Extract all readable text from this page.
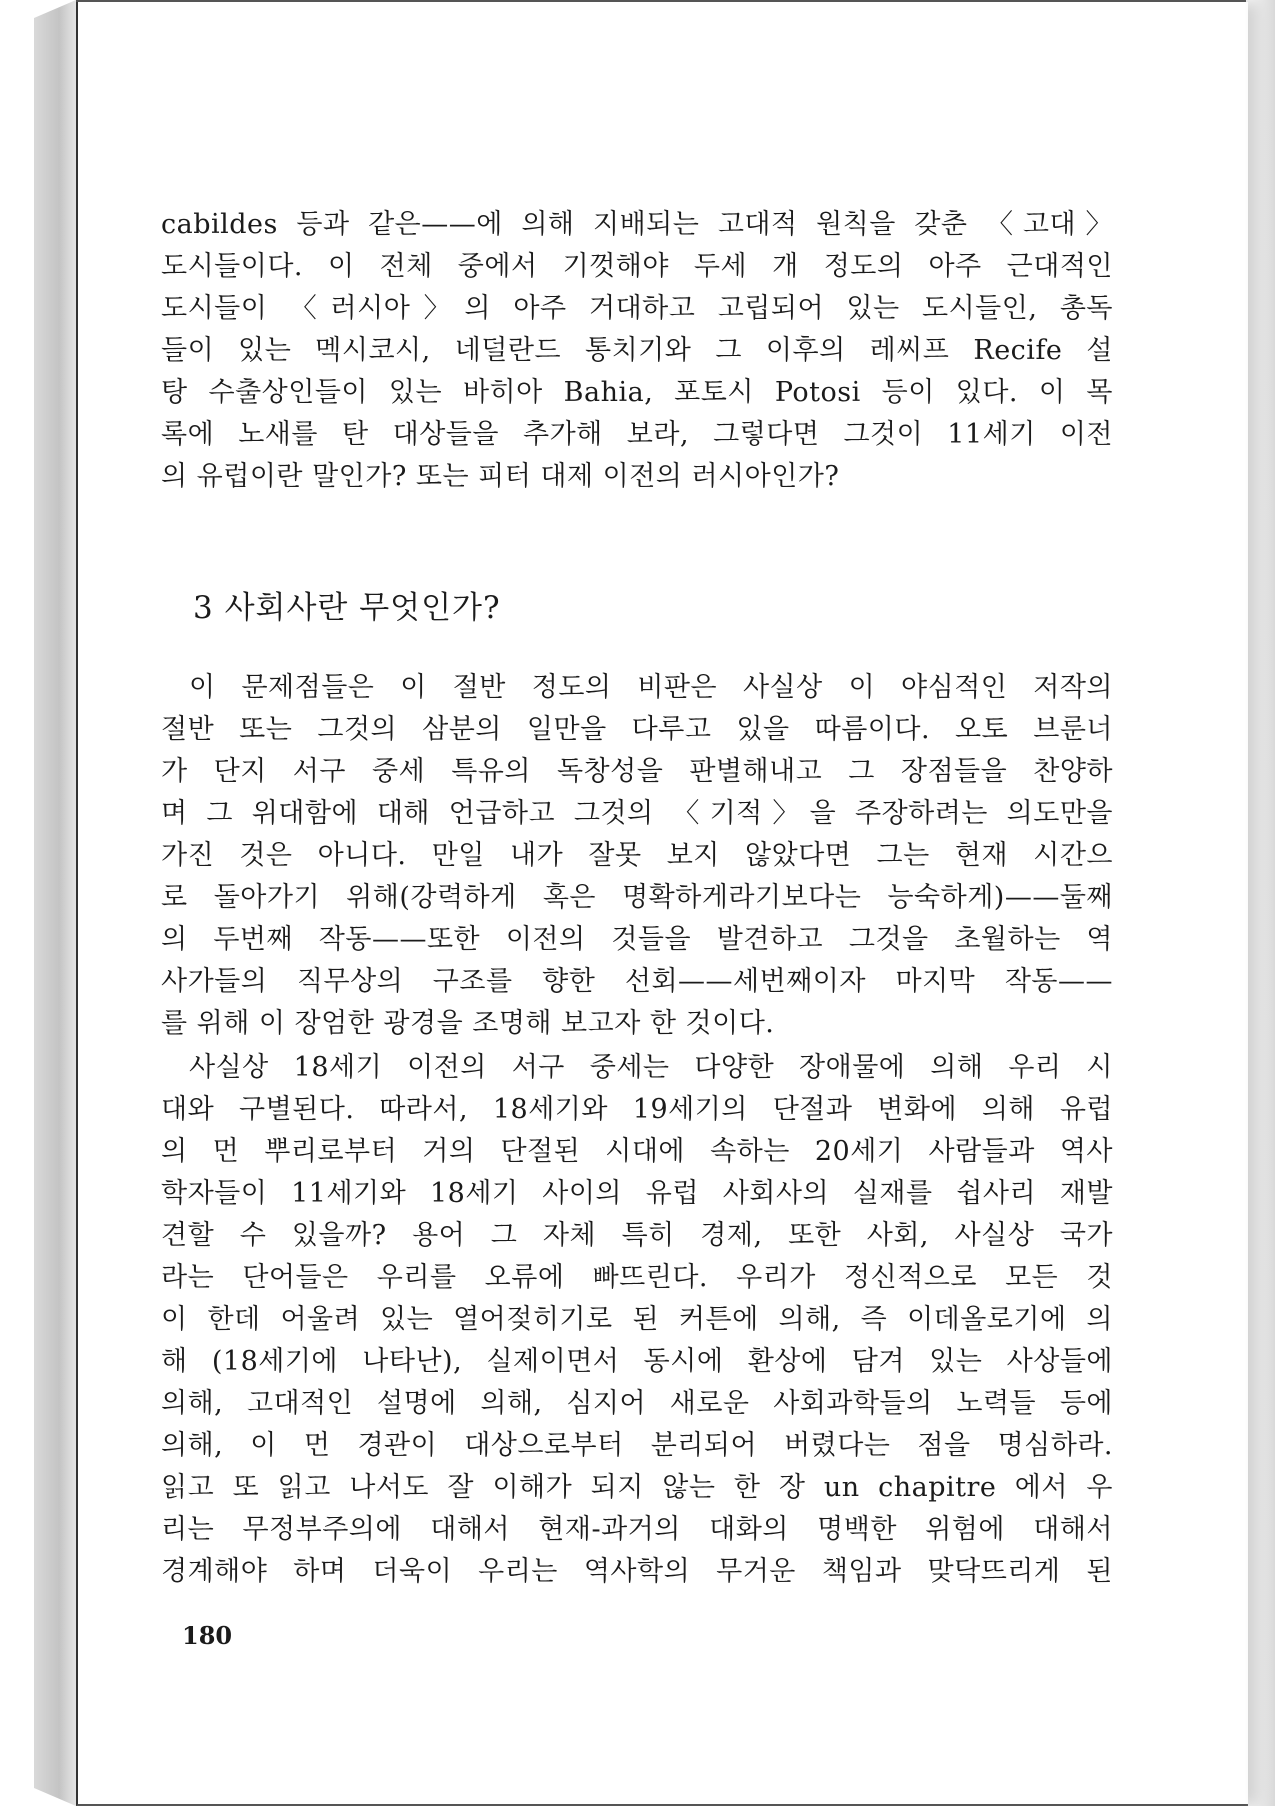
cabildes 등과 같은——에 의해 지배되는 고대적 원칙을 갖춘 〈고대〉
도시들이다. 이 전체 중에서 기껏해야 두세 개 정도의 아주 근대적인
도시들이 〈러시아〉의 아주 거대하고 고립되어 있는 도시들인, 총독
들이 있는 멕시코시, 네덜란드 통치기와 그 이후의 레씨프 Recife 설
탕 수출상인들이 있는 바히아 Bahia, 포토시 Potosi 등이 있다. 이 목
록에 노새를 탄 대상들을 추가해 보라, 그렇다면 그것이 11세기 이전
의 유럽이란 말인가? 또는 피터 대제 이전의 러시아인가?
3 사회사란 무엇인가?
이 문제점들은 이 절반 정도의 비판은 사실상 이 야심적인 저작의
절반 또는 그것의 삼분의 일만을 다루고 있을 따름이다. 오토 브룬너
가 단지 서구 중세 특유의 독창성을 판별해내고 그 장점들을 찬양하
며 그 위대함에 대해 언급하고 그것의 〈기적〉을 주장하려는 의도만을
가진 것은 아니다. 만일 내가 잘못 보지 않았다면 그는 현재 시간으
로 돌아가기 위해(강력하게 혹은 명확하게라기보다는 능숙하게)——둘째
의 두번째 작동——또한 이전의 것들을 발견하고 그것을 초월하는 역
사가들의 직무상의 구조를 향한 선회——세번째이자 마지막 작동——
를 위해 이 장엄한 광경을 조명해 보고자 한 것이다.
사실상 18세기 이전의 서구 중세는 다양한 장애물에 의해 우리 시
대와 구별된다. 따라서, 18세기와 19세기의 단절과 변화에 의해 유럽
의 먼 뿌리로부터 거의 단절된 시대에 속하는 20세기 사람들과 역사
학자들이 11세기와 18세기 사이의 유럽 사회사의 실재를 쉽사리 재발
견할 수 있을까? 용어 그 자체 특히 경제, 또한 사회, 사실상 국가
라는 단어들은 우리를 오류에 빠뜨린다. 우리가 정신적으로 모든 것
이 한데 어울려 있는 열어젖히기로 된 커튼에 의해, 즉 이데올로기에 의
해 (18세기에 나타난), 실제이면서 동시에 환상에 담겨 있는 사상들에
의해, 고대적인 설명에 의해, 심지어 새로운 사회과학들의 노력들 등에
의해, 이 먼 경관이 대상으로부터 분리되어 버렸다는 점을 명심하라.
읽고 또 읽고 나서도 잘 이해가 되지 않는 한 장 un chapitre 에서 우
리는 무정부주의에 대해서 현재-과거의 대화의 명백한 위험에 대해서
경계해야 하며 더욱이 우리는 역사학의 무거운 책임과 맞닥뜨리게 된
180
